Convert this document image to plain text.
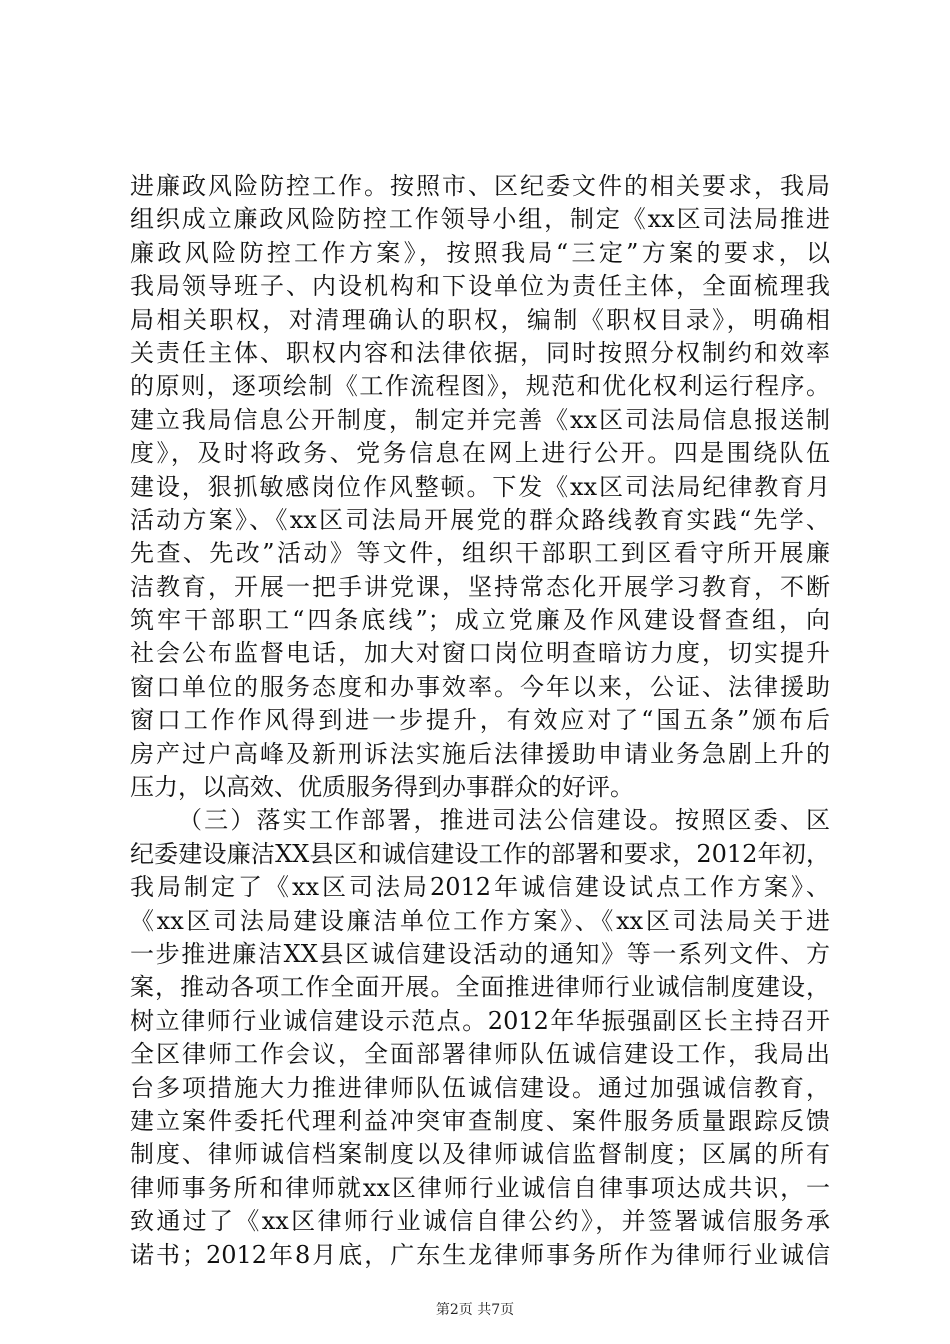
进廉政风险防控工作。按照市、区纪委文件的相关要求，我局
组织成立廉政风险防控工作领导小组，制定《xx区司法局推进
廉政风险防控工作方案》，按照我局“三定”方案的要求，以
我局领导班子、内设机构和下设单位为责任主体，全面梳理我
局相关职权，对清理确认的职权，编制《职权目录》，明确相
关责任主体、职权内容和法律依据，同时按照分权制约和效率
的原则，逐项绘制《工作流程图》，规范和优化权利运行程序。
建立我局信息公开制度，制定并完善《xx区司法局信息报送制
度》，及时将政务、党务信息在网上进行公开。四是围绕队伍
建设，狠抓敏感岗位作风整顿。下发《xx区司法局纪律教育月
活动方案》、《xx区司法局开展党的群众路线教育实践“先学、
先查、先改”活动》等文件，组织干部职工到区看守所开展廉
洁教育，开展一把手讲党课，坚持常态化开展学习教育，不断
筑牢干部职工“四条底线”；成立党廉及作风建设督查组，向
社会公布监督电话，加大对窗口岗位明查暗访力度，切实提升
窗口单位的服务态度和办事效率。今年以来，公证、法律援助
窗口工作作风得到进一步提升，有效应对了“国五条”颁布后
房产过户高峰及新刑诉法实施后法律援助申请业务急剧上升的
压力，以高效、优质服务得到办事群众的好评。
（三）落实工作部署，推进司法公信建设。按照区委、区
纪委建设廉洁XX县区和诚信建设工作的部署和要求，2012年初，
我局制定了《xx区司法局2012年诚信建设试点工作方案》、
《xx区司法局建设廉洁单位工作方案》、《xx区司法局关于进
一步推进廉洁XX县区诚信建设活动的通知》等一系列文件、方
案，推动各项工作全面开展。全面推进律师行业诚信制度建设，
树立律师行业诚信建设示范点。2012年华振强副区长主持召开
全区律师工作会议，全面部署律师队伍诚信建设工作，我局出
台多项措施大力推进律师队伍诚信建设。通过加强诚信教育，
建立案件委托代理利益冲突审查制度、案件服务质量跟踪反馈
制度、律师诚信档案制度以及律师诚信监督制度；区属的所有
律师事务所和律师就xx区律师行业诚信自律事项达成共识，一
致通过了《xx区律师行业诚信自律公约》，并签署诚信服务承
诺书；2012年8月底，广东生龙律师事务所作为律师行业诚信
第2页 共7页
